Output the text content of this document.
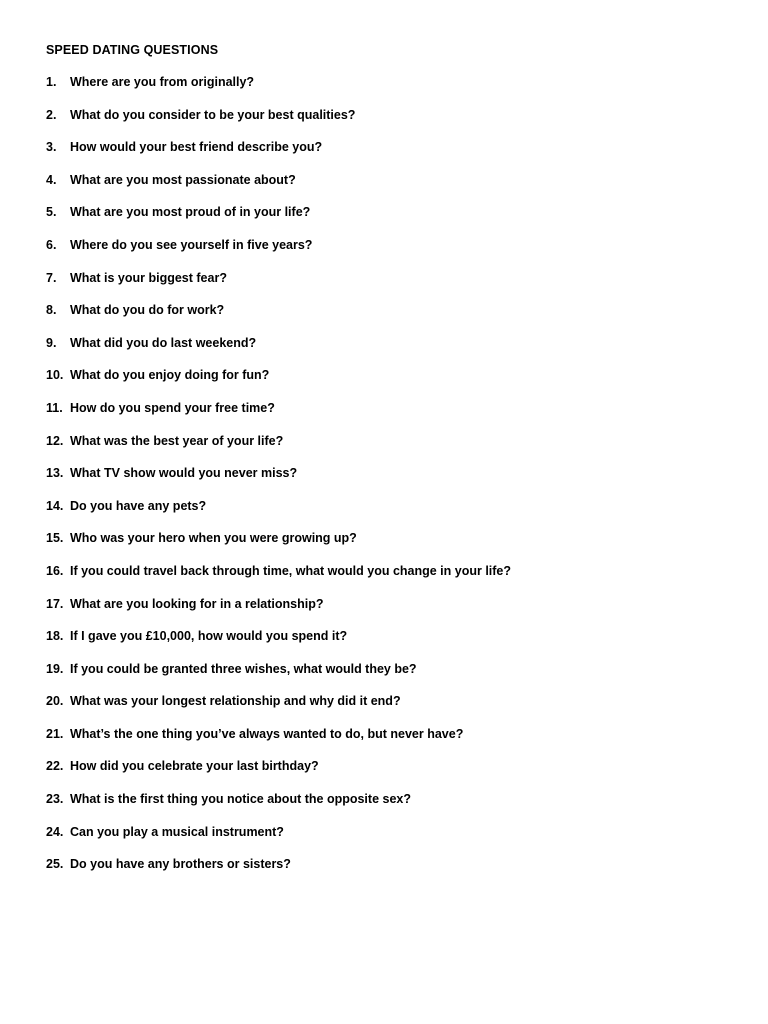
SPEED DATING QUESTIONS
1.	Where are you from originally?
2.	What do you consider to be your best qualities?
3.	How would your best friend describe you?
4.	What are you most passionate about?
5.	What are you most proud of in your life?
6.	Where do you see yourself in five years?
7.	What is your biggest fear?
8.	What do you do for work?
9.	What did you do last weekend?
10. What do you enjoy doing for fun?
11. How do you spend your free time?
12. What was the best year of your life?
13. What TV show would you never miss?
14. Do you have any pets?
15. Who was your hero when you were growing up?
16. If you could travel back through time, what would you change in your life?
17. What are you looking for in a relationship?
18. If I gave you £10,000, how would you spend it?
19. If you could be granted three wishes, what would they be?
20. What was your longest relationship and why did it end?
21. What’s the one thing you’ve always wanted to do, but never have?
22. How did you celebrate your last birthday?
23. What is the first thing you notice about the opposite sex?
24. Can you play a musical instrument?
25. Do you have any brothers or sisters?
